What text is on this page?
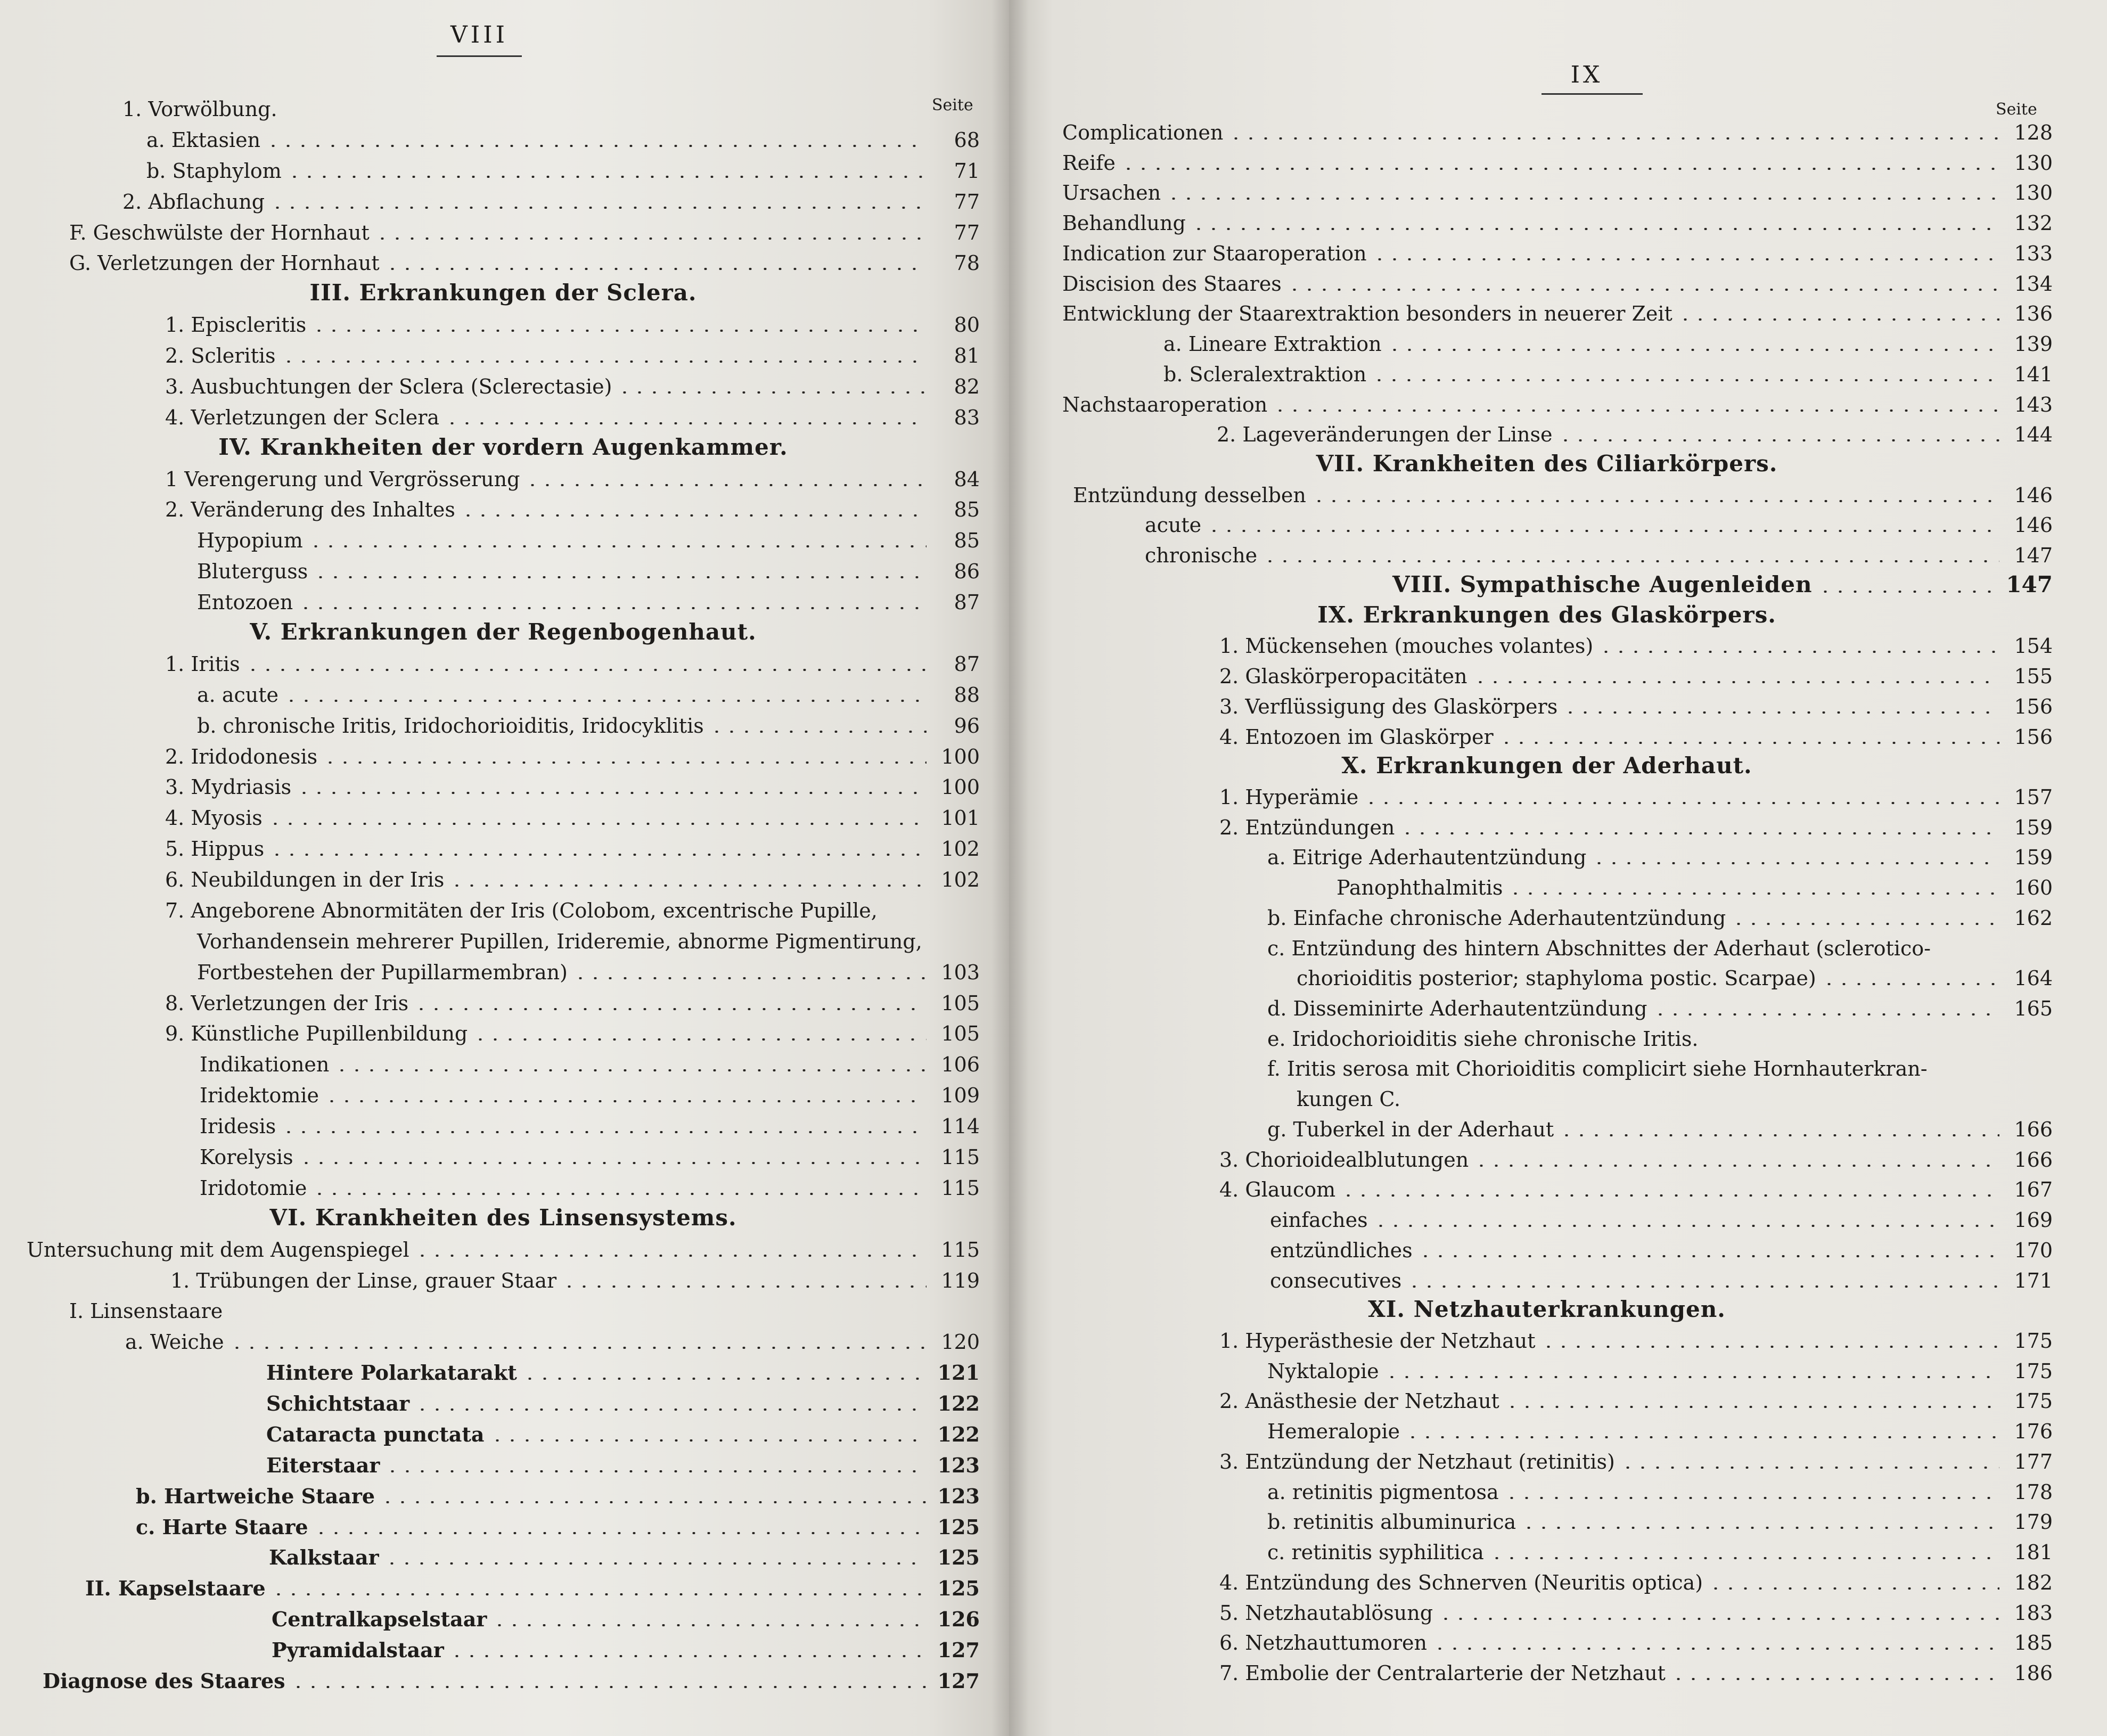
VIII
Seite
1. Vorwölbung.
a. Ektasien	68
b. Staphylom	71
2. Abflachung	77
F. Geschwülste der Hornhaut	77
G. Verletzungen der Hornhaut	78
III. Erkrankungen der Sclera.
1. Episcleritis	80
2. Scleritis	81
3. Ausbuchtungen der Sclera (Sclerectasie)	82
4. Verletzungen der Sclera	83
IV. Krankheiten der vordern Augenkammer.
1 Verengerung und Vergrösserung	84
2. Veränderung des Inhaltes	85
Hypopium	85
Bluterguss	86
Entozoen	87
V. Erkrankungen der Regenbogenhaut.
1. Iritis	87
a. acute	88
b. chronische Iritis, Iridochorioiditis, Iridocyklitis	96
2. Iridodonesis	100
3. Mydriasis	100
4. Myosis	101
5. Hippus	102
6. Neubildungen in der Iris	102
7. Angeborene Abnormitäten der Iris (Colobom, excentrische Pupille,
Vorhandensein mehrerer Pupillen, Irideremie, abnorme Pigmentirung,
Fortbestehen der Pupillarmembran)	103
8. Verletzungen der Iris	105
9. Künstliche Pupillenbildung	105
Indikationen	106
Iridektomie	109
Iridesis	114
Korelysis	115
Iridotomie	115
VI. Krankheiten des Linsensystems.
Untersuchung mit dem Augenspiegel	115
1. Trübungen der Linse, grauer Staar	119
I. Linsenstaare
a. Weiche	120
Hintere Polarkatarakt	121
Schichtstaar	122
Cataracta punctata	122
Eiterstaar	123
b. Hartweiche Staare	123
c. Harte Staare	125
Kalkstaar	125
II. Kapselstaare	125
Centralkapselstaar	126
Pyramidalstaar	127
Diagnose des Staares	127
IX
Seite
Complicationen	128
Reife	130
Ursachen	130
Behandlung	132
Indication zur Staaroperation	133
Discision des Staares	134
Entwicklung der Staarextraktion besonders in neuerer Zeit	136
a. Lineare Extraktion	139
b. Scleralextraktion	141
Nachstaaroperation	143
2. Lageveränderungen der Linse	144
VII. Krankheiten des Ciliarkörpers.
Entzündung desselben	146
acute	146
chronische	147
VIII. Sympathische Augenleiden	147
IX. Erkrankungen des Glaskörpers.
1. Mückensehen (mouches volantes)	154
2. Glaskörperopacitäten	155
3. Verflüssigung des Glaskörpers	156
4. Entozoen im Glaskörper	156
X. Erkrankungen der Aderhaut.
1. Hyperämie	157
2. Entzündungen	159
a. Eitrige Aderhautentzündung	159
Panophthalmitis	160
b. Einfache chronische Aderhautentzündung	162
c. Entzündung des hintern Abschnittes der Aderhaut (sclerotico-
chorioiditis posterior; staphyloma postic. Scarpae)	164
d. Disseminirte Aderhautentzündung	165
e. Iridochorioiditis siehe chronische Iritis.
f. Iritis serosa mit Chorioiditis complicirt siehe Hornhauterkran-
kungen C.
g. Tuberkel in der Aderhaut	166
3. Chorioidealblutungen	166
4. Glaucom	167
einfaches	169
entzündliches	170
consecutives	171
XI. Netzhauterkrankungen.
1. Hyperästhesie der Netzhaut	175
Nyktalopie	175
2. Anästhesie der Netzhaut	175
Hemeralopie	176
3. Entzündung der Netzhaut (retinitis)	177
a. retinitis pigmentosa	178
b. retinitis albuminurica	179
c. retinitis syphilitica	181
4. Entzündung des Schnerven (Neuritis optica)	182
5. Netzhautablösung	183
6. Netzhauttumoren	185
7. Embolie der Centralarterie der Netzhaut	186
